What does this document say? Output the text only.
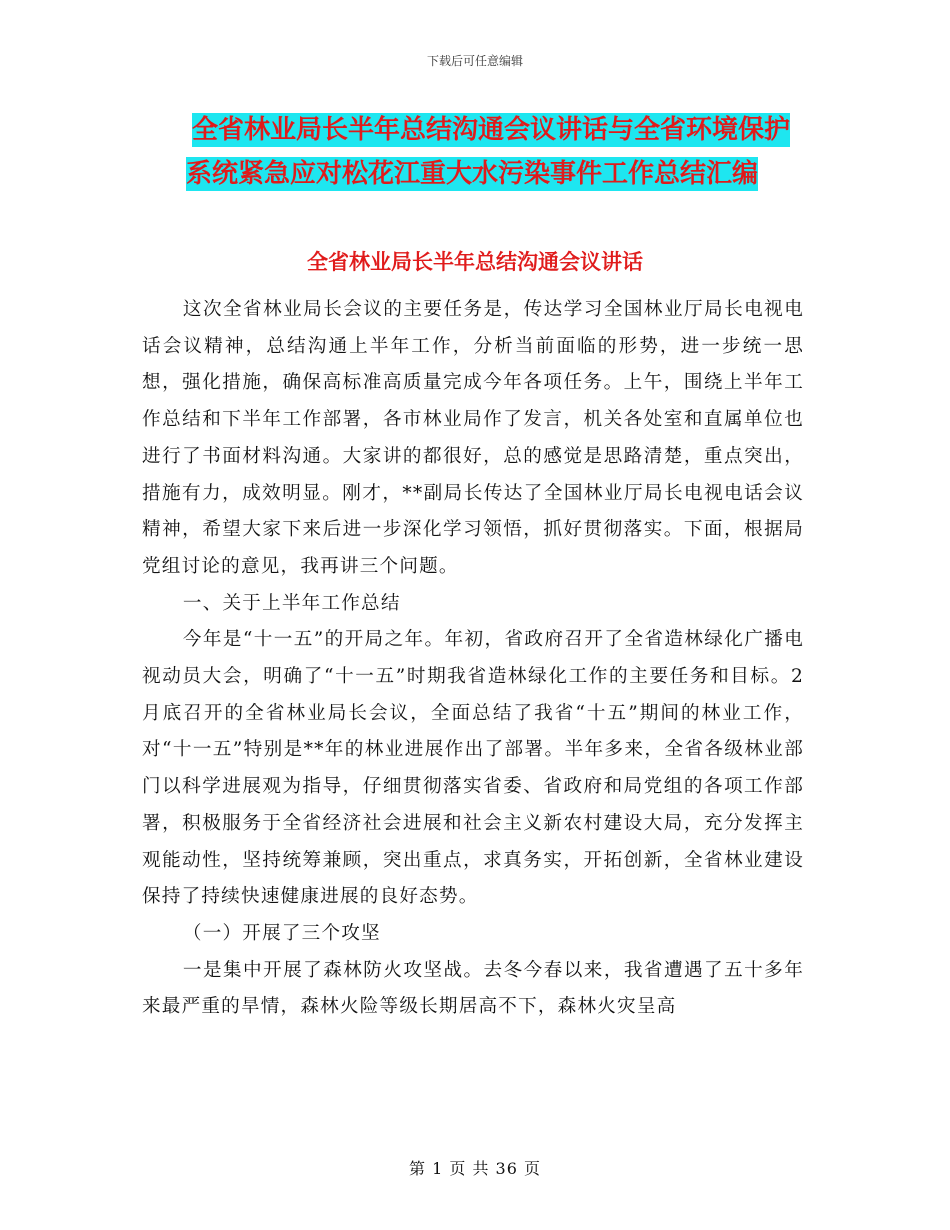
下载后可任意编辑
全省林业局长半年总结沟通会议讲话与全省环境保护
系统紧急应对松花江重大水污染事件工作总结汇编
全省林业局长半年总结沟通会议讲话

这次全省林业局长会议的主要任务是，传达学习全国林业厅局长电视电话会议精神，总结沟通上半年工作，分析当前面临的形势，进一步统一思想，强化措施，确保高标准高质量完成今年各项任务。上午，围绕上半年工作总结和下半年工作部署，各市林业局作了发言，机关各处室和直属单位也进行了书面材料沟通。大家讲的都很好，总的感觉是思路清楚，重点突出，措施有力，成效明显。刚才，**副局长传达了全国林业厅局长电视电话会议精神，希望大家下来后进一步深化学习领悟，抓好贯彻落实。下面，根据局党组讨论的意见，我再讲三个问题。

一、关于上半年工作总结

今年是“十一五”的开局之年。年初，省政府召开了全省造林绿化广播电视动员大会，明确了“十一五”时期我省造林绿化工作的主要任务和目标。2月底召开的全省林业局长会议，全面总结了我省“十五”期间的林业工作，对“十一五”特别是**年的林业进展作出了部署。半年多来，全省各级林业部门以科学进展观为指导，仔细贯彻落实省委、省政府和局党组的各项工作部署，积极服务于全省经济社会进展和社会主义新农村建设大局，充分发挥主观能动性，坚持统筹兼顾，突出重点，求真务实，开拓创新，全省林业建设保持了持续快速健康进展的良好态势。

（一）开展了三个攻坚

一是集中开展了森林防火攻坚战。去冬今春以来，我省遭遇了五十多年来最严重的旱情，森林火险等级长期居高不下，森林火灾呈高

第 1 页 共 36 页
